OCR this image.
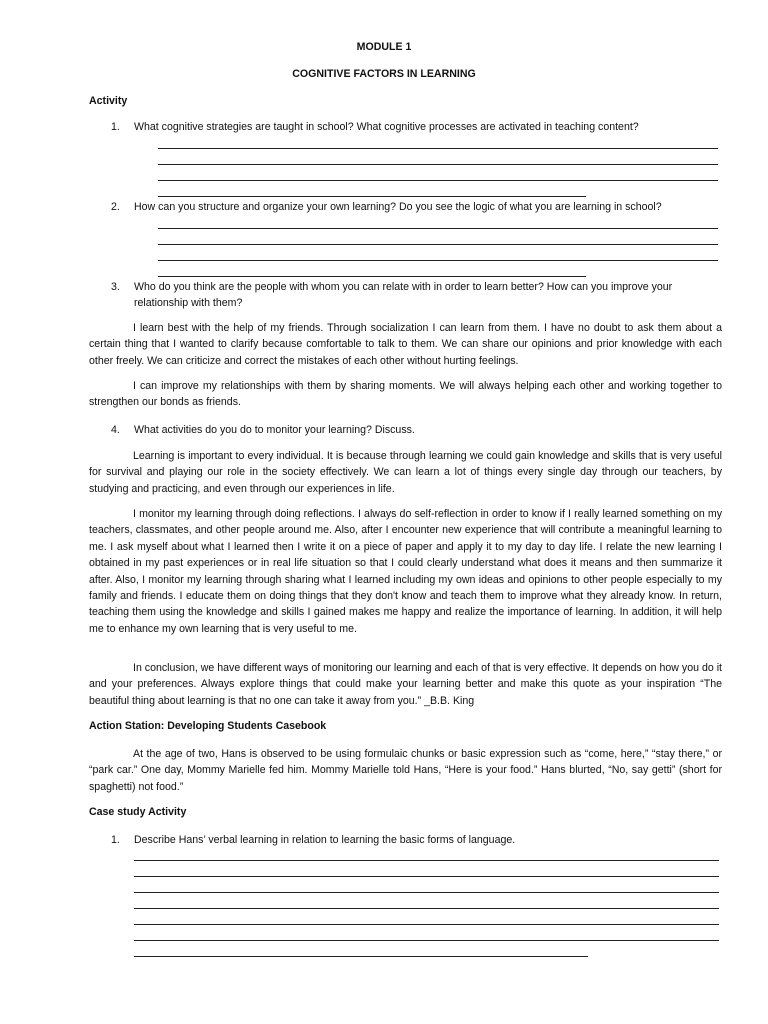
MODULE 1
COGNITIVE FACTORS IN LEARNING
Activity
1. What cognitive strategies are taught in school? What cognitive processes are activated in teaching content?
2. How can you structure and organize your own learning? Do you see the logic of what you are learning in school?
3. Who do you think are the people with whom you can relate with in order to learn better? How can you improve your relationship with them?

I learn best with the help of my friends. Through socialization I can learn from them. I have no doubt to ask them about a certain thing that I wanted to clarify because comfortable to talk to them. We can share our opinions and prior knowledge with each other freely. We can criticize and correct the mistakes of each other without hurting feelings.

I can improve my relationships with them by sharing moments. We will always helping each other and working together to strengthen our bonds as friends.

4. What activities do you do to monitor your learning? Discuss.

Learning is important to every individual. It is because through learning we could gain knowledge and skills that is very useful for survival and playing our role in the society effectively. We can learn a lot of things every single day through our teachers, by studying and practicing, and even through our experiences in life.

I monitor my learning through doing reflections. I always do self-reflection in order to know if I really learned something on my teachers, classmates, and other people around me. Also, after I encounter new experience that will contribute a meaningful learning to me. I ask myself about what I learned then I write it on a piece of paper and apply it to my day to day life. I relate the new learning I obtained in my past experiences or in real life situation so that I could clearly understand what does it means and then summarize it after. Also, I monitor my learning through sharing what I learned including my own ideas and opinions to other people especially to my family and friends. I educate them on doing things that they don't know and teach them to improve what they already know. In return, teaching them using the knowledge and skills I gained makes me happy and realize the importance of learning. In addition, it will help me to enhance my own learning that is very useful to me.

In conclusion, we have different ways of monitoring our learning and each of that is very effective. It depends on how you do it and your preferences. Always explore things that could make your learning better and make this quote as your inspiration “The beautiful thing about learning is that no one can take it away from you.” _B.B. King

Action Station: Developing Students Casebook

At the age of two, Hans is observed to be using formulaic chunks or basic expression such as “come, here,” “stay there,” or “park car.” One day, Mommy Marielle fed him. Mommy Marielle told Hans, “Here is your food.” Hans blurted, “No, say getti” (short for spaghetti) not food.”

Case study Activity
1. Describe Hans’ verbal learning in relation to learning the basic forms of language.
